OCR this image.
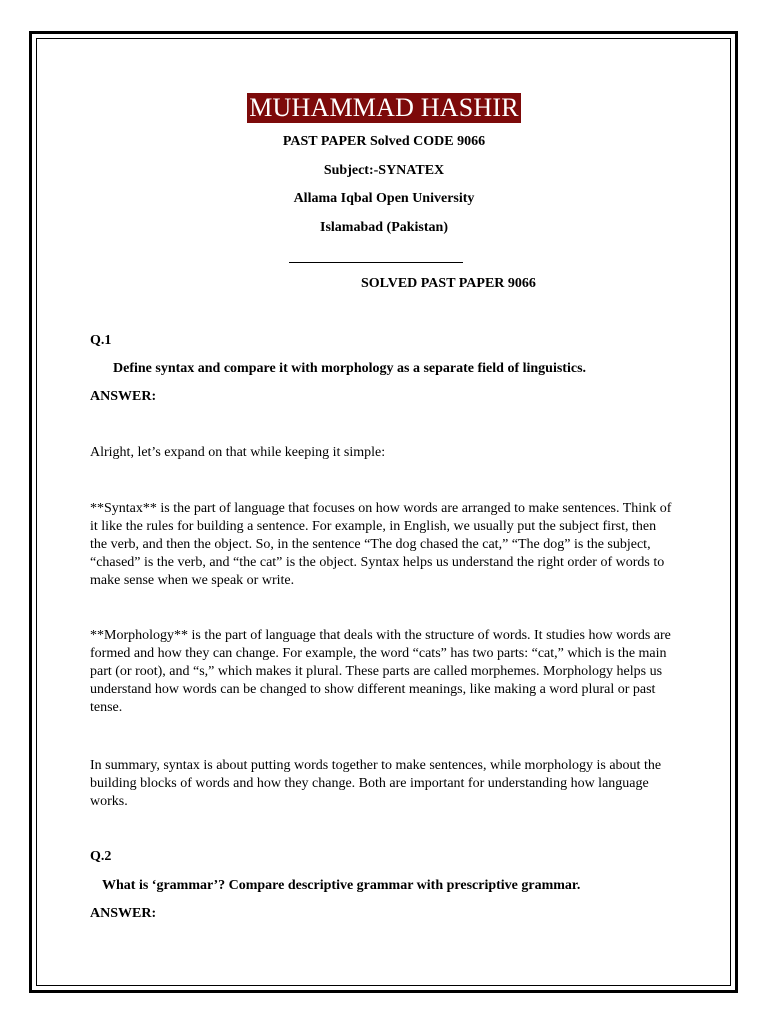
MUHAMMAD HASHIR
PAST PAPER Solved CODE 9066
Subject:-SYNATEX
Allama Iqbal Open University
Islamabad (Pakistan)
SOLVED PAST PAPER 9066
Q.1
Define syntax and compare it with morphology as a separate field of linguistics.
ANSWER:
Alright, let’s expand on that while keeping it simple:
**Syntax** is the part of language that focuses on how words are arranged to make sentences. Think of it like the rules for building a sentence. For example, in English, we usually put the subject first, then the verb, and then the object. So, in the sentence “The dog chased the cat,” “The dog” is the subject, “chased” is the verb, and “the cat” is the object. Syntax helps us understand the right order of words to make sense when we speak or write.
**Morphology** is the part of language that deals with the structure of words. It studies how words are formed and how they can change. For example, the word “cats” has two parts: “cat,” which is the main part (or root), and “s,” which makes it plural. These parts are called morphemes. Morphology helps us understand how words can be changed to show different meanings, like making a word plural or past tense.
In summary, syntax is about putting words together to make sentences, while morphology is about the building blocks of words and how they change. Both are important for understanding how language works.
Q.2
What is ‘grammar’? Compare descriptive grammar with prescriptive grammar.
ANSWER:
